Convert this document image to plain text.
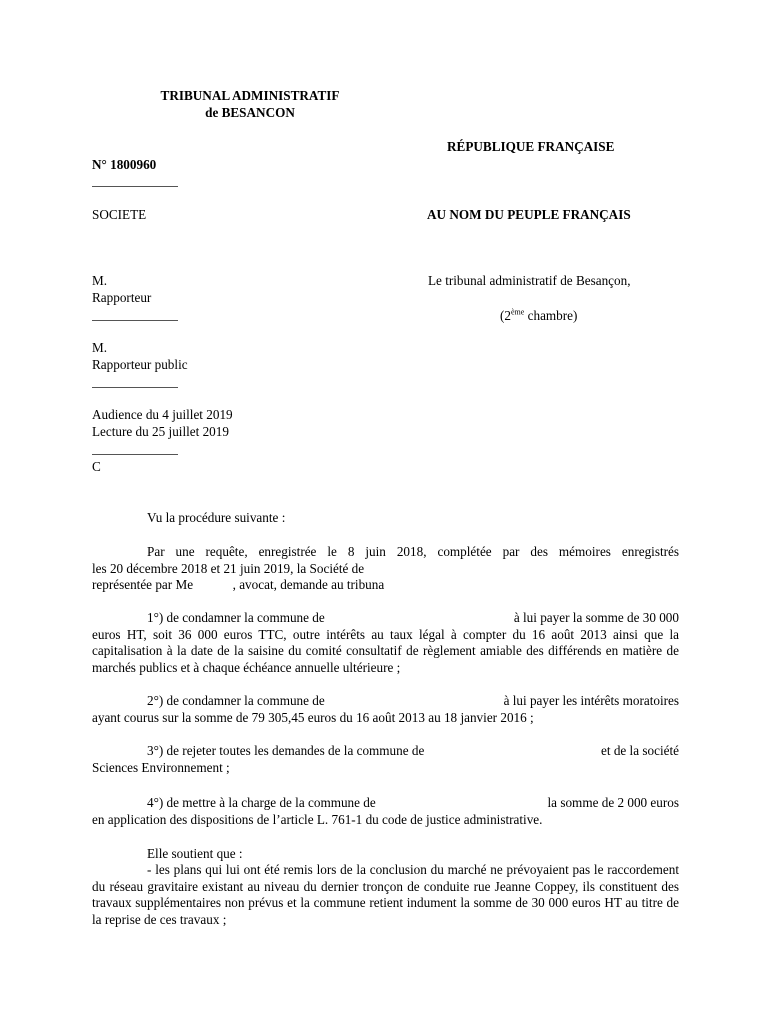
TRIBUNAL ADMINISTRATIF
de BESANCON
RÉPUBLIQUE FRANÇAISE
N° 1800960
SOCIETE	AU NOM DU PEUPLE FRANÇAIS
M.
Rapporteur
Le tribunal administratif de Besançon,
(2ème chambre)
M.
Rapporteur public
Audience du 4 juillet 2019
Lecture du 25 juillet 2019
C
Vu la procédure suivante :

Par une requête, enregistrée le 8 juin 2018, complétée par des mémoires enregistrés

les 20 décembre 2018 et 21 juin 2019, la Société de

représentée par Me            , avocat, demande au tribuna

1°) de condamner la commune de	à lui payer la somme de 30 000

euros HT, soit 36 000 euros TTC, outre intérêts au taux légal à compter du 16 août 2013 ainsi que la capitalisation à la date de la saisine du comité consultatif de règlement amiable des différends en matière de marchés publics et à chaque échéance annuelle ultérieure ;

2°) de condamner la commune de	à lui payer les intérêts moratoires

ayant courus sur la somme de 79 305,45 euros du 16 août 2013 au 18 janvier 2016 ;

3°) de rejeter toutes les demandes de la commune de	et de la société

Sciences Environnement ;

4°) de mettre à la charge de la commune de	la somme de 2 000 euros

en application des dispositions de l’article L. 761-1 du code de justice administrative.

Elle soutient que :

- les plans qui lui ont été remis lors de la conclusion du marché ne prévoyaient pas le raccordement du réseau gravitaire existant au niveau du dernier tronçon de conduite rue Jeanne Coppey, ils constituent des travaux supplémentaires non prévus et la commune retient indument la somme de 30 000 euros HT au titre de la reprise de ces travaux ;
